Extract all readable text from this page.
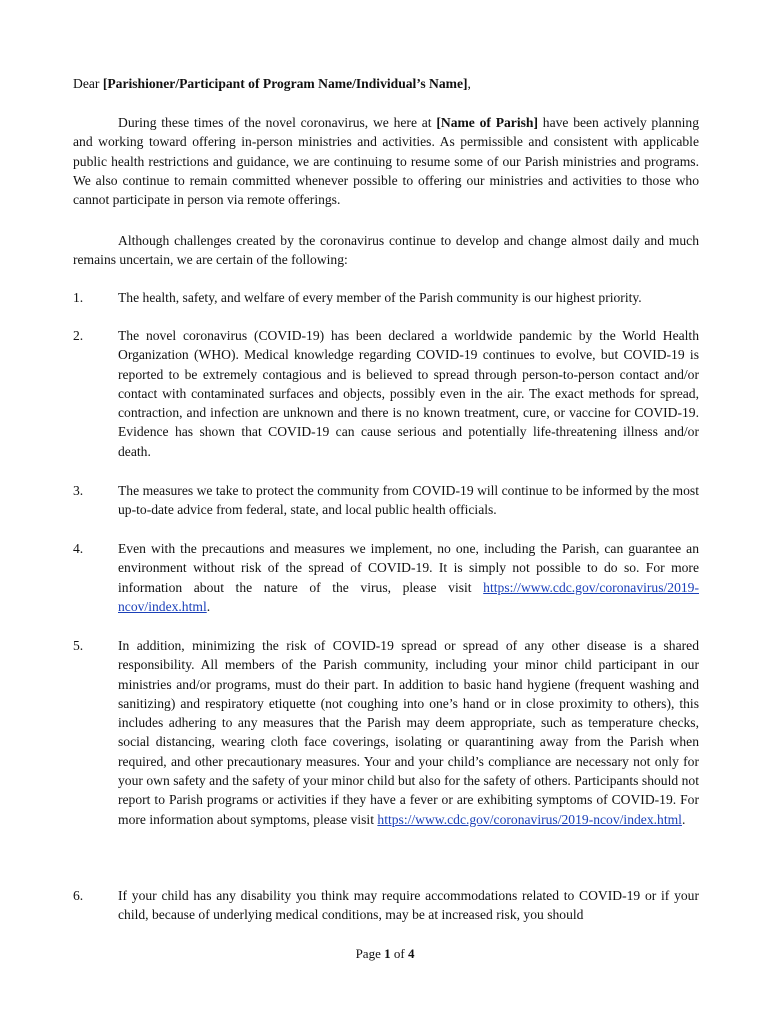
Dear [Parishioner/Participant of Program Name/Individual’s Name],
During these times of the novel coronavirus, we here at [Name of Parish] have been actively planning and working toward offering in-person ministries and activities. As permissible and consistent with applicable public health restrictions and guidance, we are continuing to resume some of our Parish ministries and programs. We also continue to remain committed whenever possible to offering our ministries and activities to those who cannot participate in person via remote offerings.
Although challenges created by the coronavirus continue to develop and change almost daily and much remains uncertain, we are certain of the following:
1.	The health, safety, and welfare of every member of the Parish community is our highest priority.
2.	The novel coronavirus (COVID-19) has been declared a worldwide pandemic by the World Health Organization (WHO). Medical knowledge regarding COVID-19 continues to evolve, but COVID-19 is reported to be extremely contagious and is believed to spread through person-to-person contact and/or contact with contaminated surfaces and objects, possibly even in the air. The exact methods for spread, contraction, and infection are unknown and there is no known treatment, cure, or vaccine for COVID-19. Evidence has shown that COVID-19 can cause serious and potentially life-threatening illness and/or death.
3.	The measures we take to protect the community from COVID-19 will continue to be informed by the most up-to-date advice from federal, state, and local public health officials.
4.	Even with the precautions and measures we implement, no one, including the Parish, can guarantee an environment without risk of the spread of COVID-19. It is simply not possible to do so. For more information about the nature of the virus, please visit https://www.cdc.gov/coronavirus/2019-ncov/index.html.
5.	In addition, minimizing the risk of COVID-19 spread or spread of any other disease is a shared responsibility. All members of the Parish community, including your minor child participant in our ministries and/or programs, must do their part. In addition to basic hand hygiene (frequent washing and sanitizing) and respiratory etiquette (not coughing into one’s hand or in close proximity to others), this includes adhering to any measures that the Parish may deem appropriate, such as temperature checks, social distancing, wearing cloth face coverings, isolating or quarantining away from the Parish when required, and other precautionary measures. Your and your child’s compliance are necessary not only for your own safety and the safety of your minor child but also for the safety of others. Participants should not report to Parish programs or activities if they have a fever or are exhibiting symptoms of COVID-19. For more information about symptoms, please visit https://www.cdc.gov/coronavirus/2019-ncov/index.html.
6.	If your child has any disability you think may require accommodations related to COVID-19 or if your child, because of underlying medical conditions, may be at increased risk, you should
Page 1 of 4
